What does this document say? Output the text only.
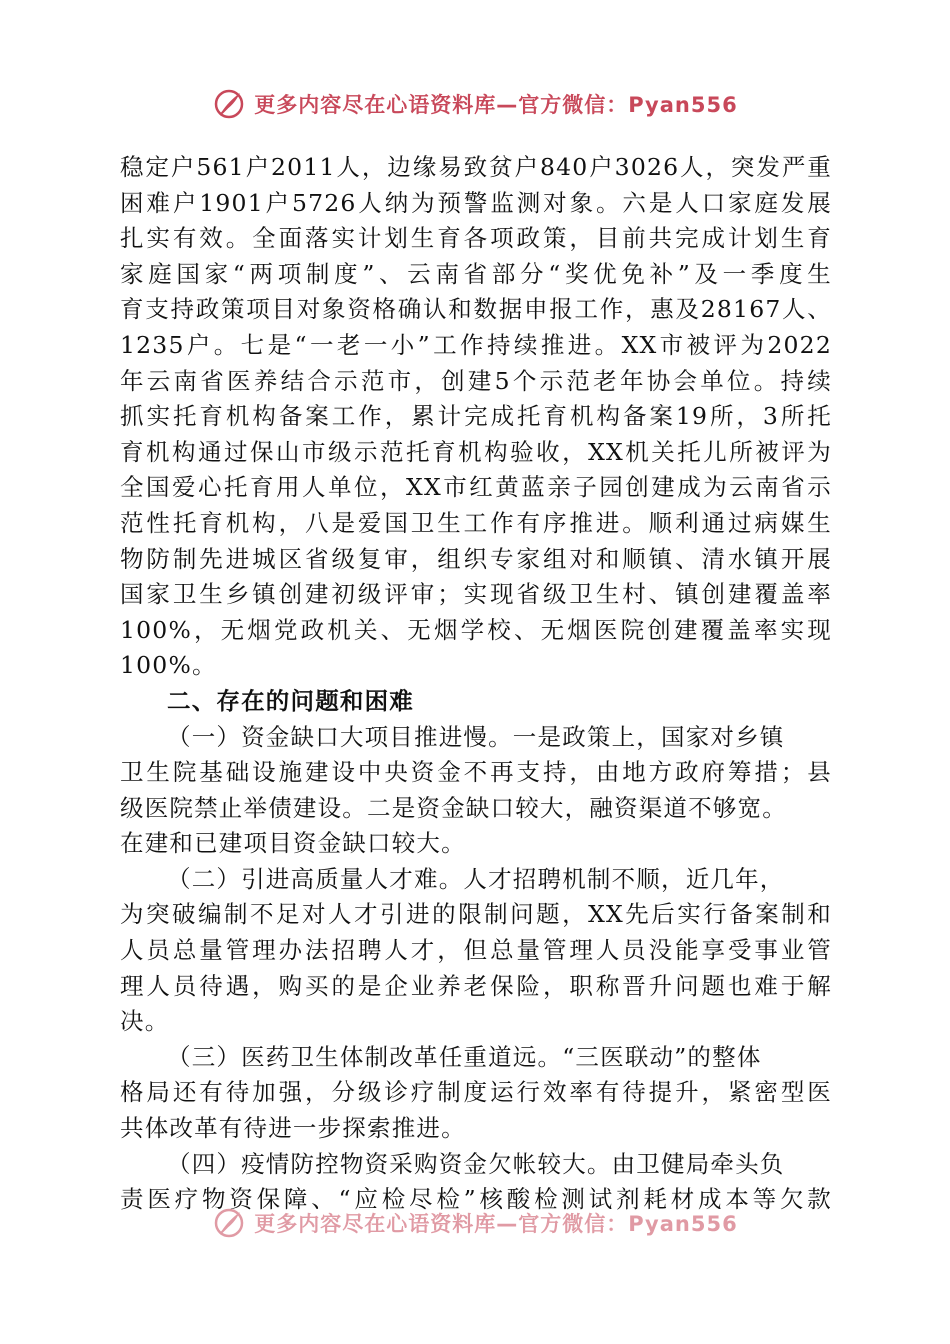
更多内容尽在心语资料库—官方微信：Pyan556
稳定户561户2011人，边缘易致贫户840户3026人，突发严重
困难户1901户5726人纳为预警监测对象。六是人口家庭发展
扎实有效。全面落实计划生育各项政策，目前共完成计划生育
家庭国家“两项制度”、云南省部分“奖优免补”及一季度生
育支持政策项目对象资格确认和数据申报工作，惠及28167人、
1235户。七是“一老一小”工作持续推进。XX市被评为2022
年云南省医养结合示范市，创建5个示范老年协会单位。持续
抓实托育机构备案工作，累计完成托育机构备案19所，3所托
育机构通过保山市级示范托育机构验收，XX机关托儿所被评为
全国爱心托育用人单位，XX市红黄蓝亲子园创建成为云南省示
范性托育机构，八是爱国卫生工作有序推进。顺利通过病媒生
物防制先进城区省级复审，组织专家组对和顺镇、清水镇开展
国家卫生乡镇创建初级评审；实现省级卫生村、镇创建覆盖率
100%，无烟党政机关、无烟学校、无烟医院创建覆盖率实现
100%。
二、存在的问题和困难
（一）资金缺口大项目推进慢。一是政策上，国家对乡镇
卫生院基础设施建设中央资金不再支持，由地方政府筹措；县
级医院禁止举债建设。二是资金缺口较大，融资渠道不够宽。
在建和已建项目资金缺口较大。
（二）引进高质量人才难。人才招聘机制不顺，近几年，
为突破编制不足对人才引进的限制问题，XX先后实行备案制和
人员总量管理办法招聘人才，但总量管理人员没能享受事业管
理人员待遇，购买的是企业养老保险，职称晋升问题也难于解
决。
（三）医药卫生体制改革任重道远。“三医联动”的整体
格局还有待加强，分级诊疗制度运行效率有待提升，紧密型医
共体改革有待进一步探索推进。
（四）疫情防控物资采购资金欠帐较大。由卫健局牵头负
责医疗物资保障、“应检尽检”核酸检测试剂耗材成本等欠款
更多内容尽在心语资料库—官方微信：Pyan556
